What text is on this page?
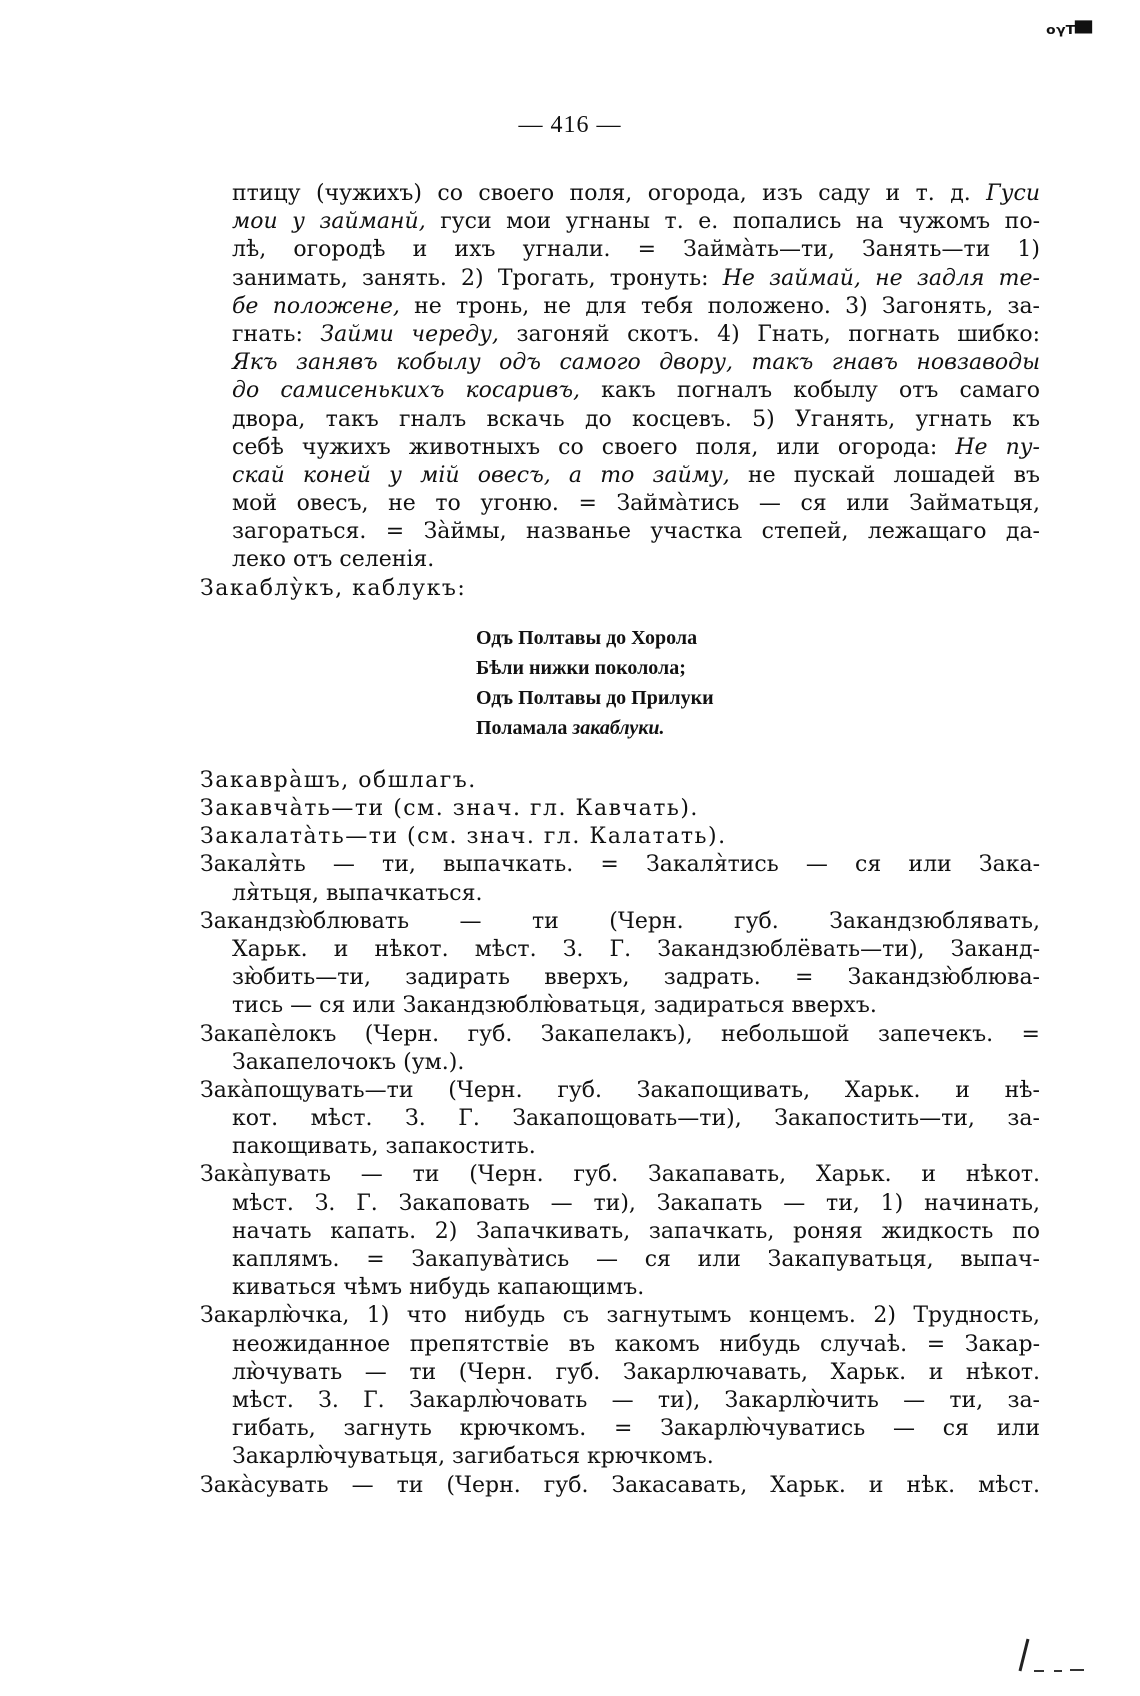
ᵒᵞᵀ▀
— 416 —
птицу (чужихъ) со своего поля, огорода, изъ саду и т. д. Гуси
мои у займанй, гуси мои угнаны т. е. попались на чужомъ по-
лѣ, огородѣ и ихъ угнали. = Займа̀ть—ти, Занять—ти 1)
занимать, занять. 2) Трогать, тронуть: Не займай, не задля те-
бе положене, не тронь, не для тебя положено. 3) Загонять, за-
гнать: Займи череду, загоняй скотъ. 4) Гнать, погнать шибко:
Якъ занявъ кобылу одъ самого двору, такъ гнавъ новзаводы
до самисенькихъ косаривъ, какъ погналъ кобылу отъ самаго
двора, такъ гналъ вскачь до косцевъ. 5) Уганять, угнать къ
себѣ чужихъ животныхъ со своего поля, или огорода: Не пу-
скай коней у мій овесъ, а то займу, не пускай лошадей въ
мой овесъ, не то угоню. = Займа̀тись — ся или Займатьця,
загораться. = За̀ймы, названье участка степей, лежащаго да-
леко отъ селенія.
Закаблу̀къ, каблукъ:
Одъ Полтавы до Хорола
Бѣли нижки поколола;
Одъ Полтавы до Прилуки
Поламала закаблуки.
Закавра̀шъ, обшлагъ.
Закавча̀ть—ти (см. знач. гл. Кавчать).
Закалата̀ть—ти (см. знач. гл. Калатать).
Закаля̀ть — ти, выпачкать. = Закаля̀тись — ся или Зака-
ля̀тьця, выпачкаться.
Закандзю̀блювать — ти (Черн. губ. Закандзюблявать,
Харьк. и нѣкот. мѣст. З. Г. Закандзюблёвать—ти), Заканд-
зю̀бить—ти, задирать вверхъ, задрать. = Закандзю̀блюва-
тись — ся или Закандзюблю̀ватьця, задираться вверхъ.
Закапѐлокъ (Черн. губ. Закапелакъ), небольшой запечекъ. =
Закапелочокъ (ум.).
Зака̀пощувать—ти (Черн. губ. Закапощивать, Харьк. и нѣ-
кот. мѣст. З. Г. Закапощовать—ти), Закапостить—ти, за-
пакощивать, запакостить.
Зака̀пувать — ти (Черн. губ. Закапавать, Харьк. и нѣкот.
мѣст. З. Г. Закаповать — ти), Закапать — ти, 1) начинать,
начать капать. 2) Запачкивать, запачкать, роняя жидкость по
каплямъ. = Закапува̀тись — ся или Закапуватьця, выпач-
киваться чѣмъ нибудь капающимъ.
Закарлю̀чка, 1) что нибудь съ загнутымъ концемъ. 2) Трудность,
неожиданное препятствіе въ какомъ нибудь случаѣ. = Закар-
лю̀чувать — ти (Черн. губ. Закарлючавать, Харьк. и нѣкот.
мѣст. З. Г. Закарлю̀човать — ти), Закарлю̀чить — ти, за-
гибать, загнуть крючкомъ. = Закарлю̀чуватись — ся или
Закарлю̀чуватьця, загибаться крючкомъ.
Зака̀сувать — ти (Черн. губ. Закасавать, Харьк. и нѣк. мѣст.
